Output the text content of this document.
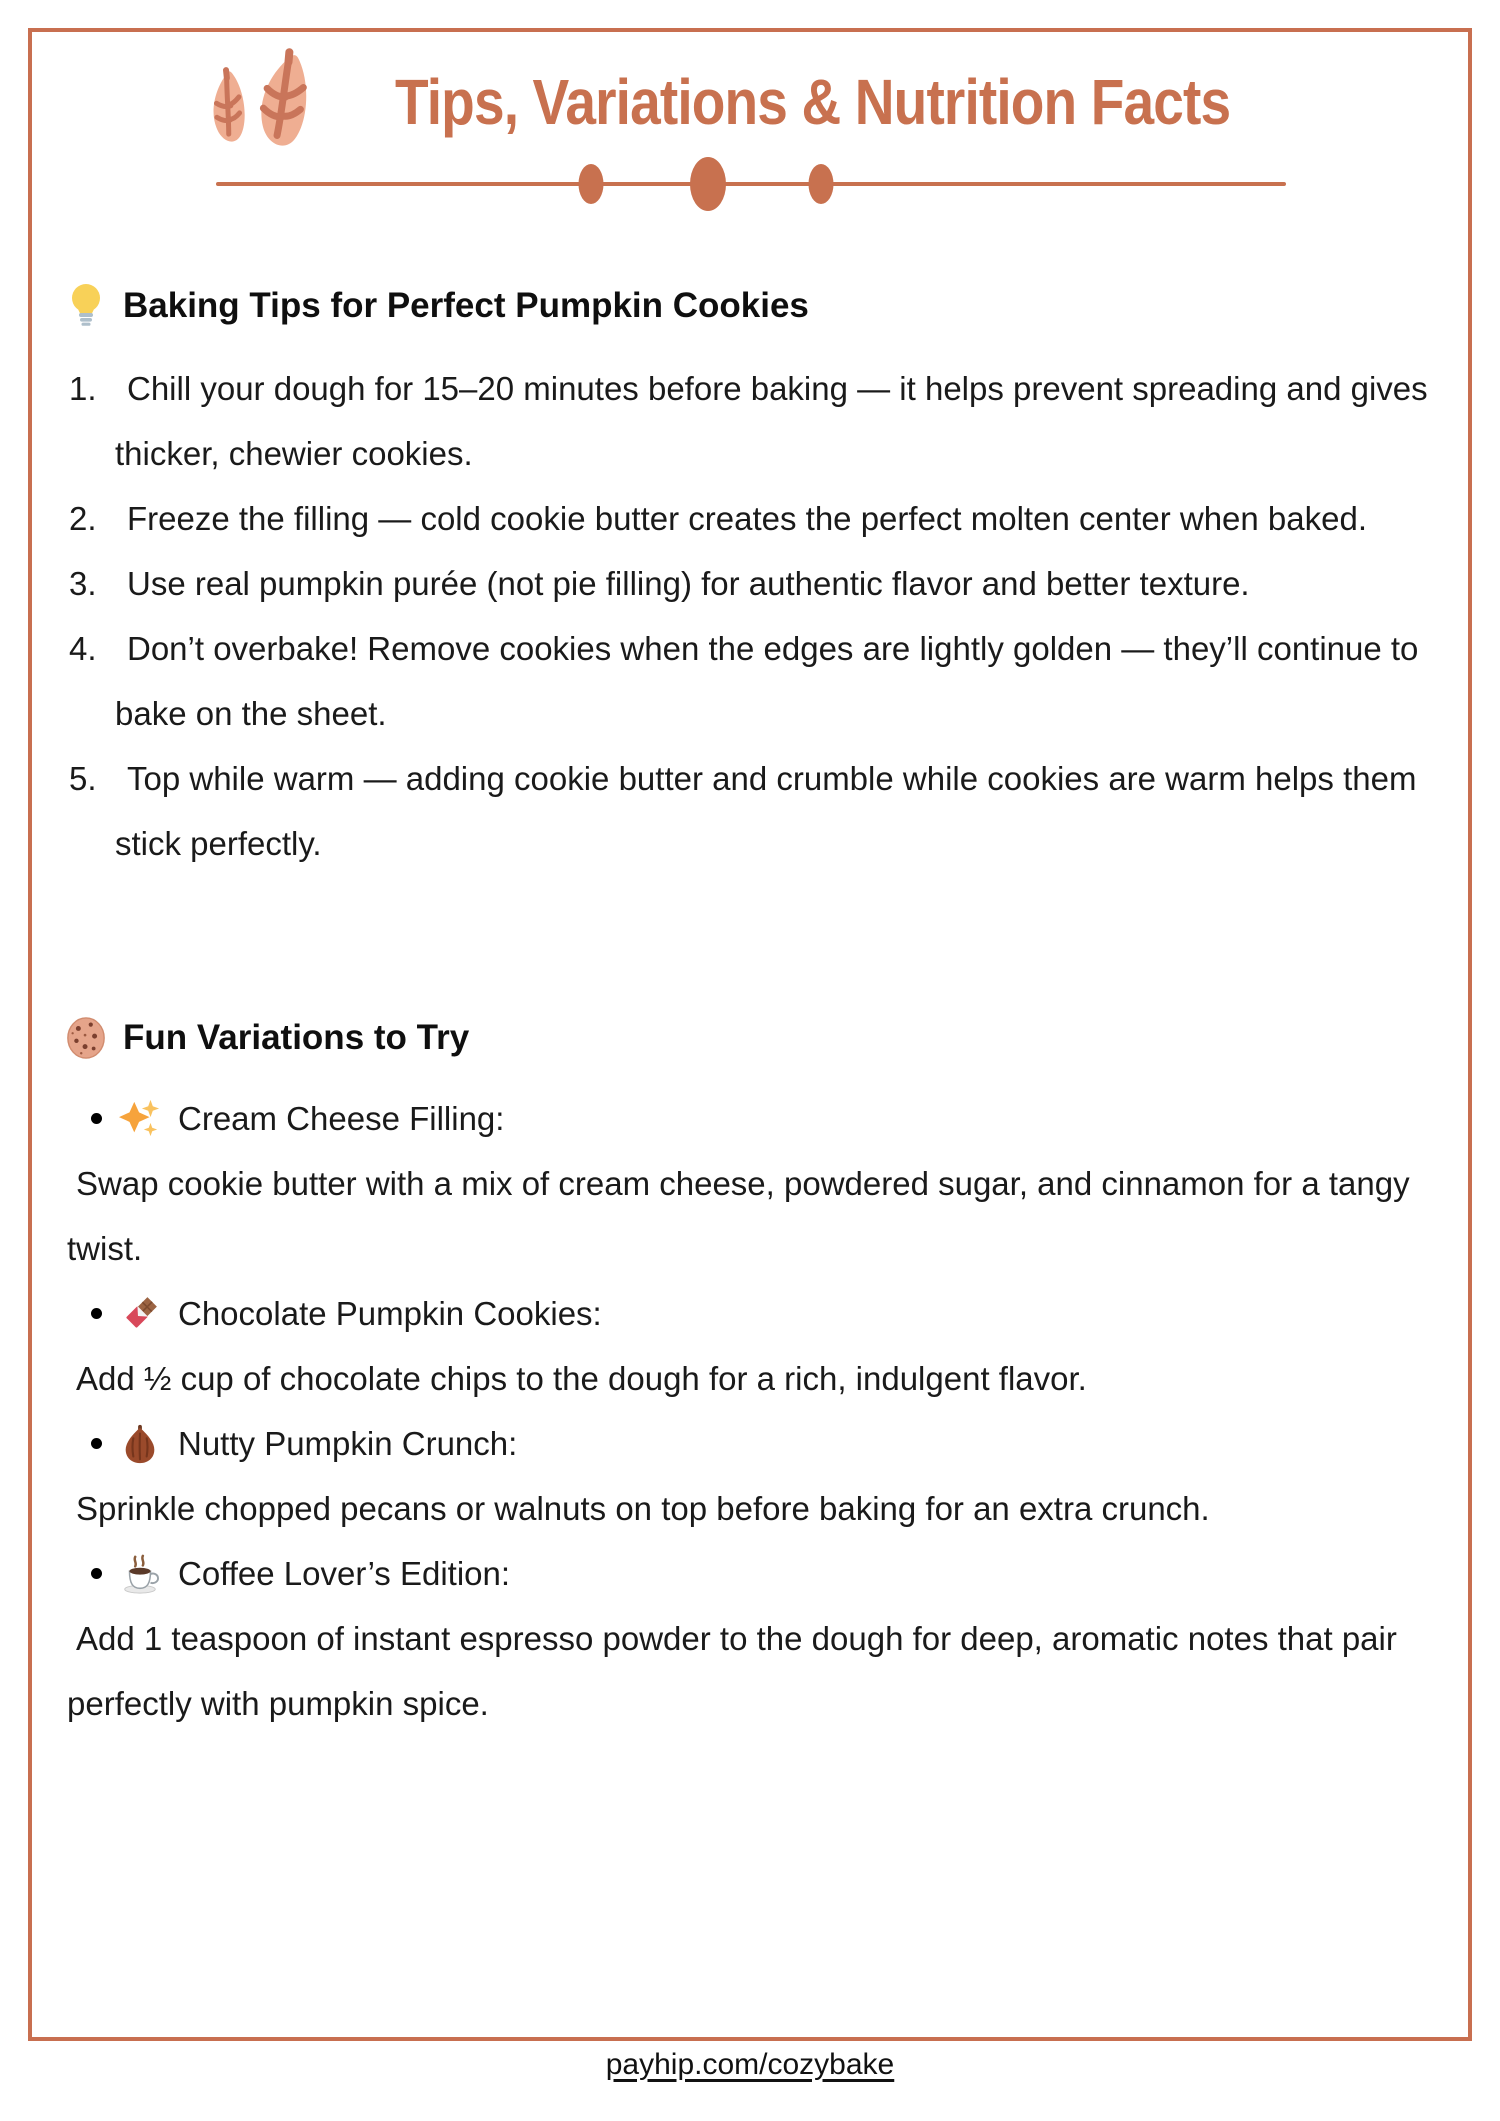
Tips, Variations & Nutrition Facts
Baking Tips for Perfect Pumpkin Cookies
Chill your dough for 15–20 minutes before baking — it helps prevent spreading and gives thicker, chewier cookies.
Freeze the filling — cold cookie butter creates the perfect molten center when baked.
Use real pumpkin purée (not pie filling) for authentic flavor and better texture.
Don’t overbake! Remove cookies when the edges are lightly golden — they’ll continue to bake on the sheet.
Top while warm — adding cookie butter and crumble while cookies are warm helps them stick perfectly.
Fun Variations to Try
Cream Cheese Filling:

Swap cookie butter with a mix of cream cheese, powdered sugar, and cinnamon for a tangy twist.

Chocolate Pumpkin Cookies:

Add ½ cup of chocolate chips to the dough for a rich, indulgent flavor.

Nutty Pumpkin Crunch:

Sprinkle chopped pecans or walnuts on top before baking for an extra crunch.

Coffee Lover’s Edition:

Add 1 teaspoon of instant espresso powder to the dough for deep, aromatic notes that pair perfectly with pumpkin spice.

payhip.com/cozybake
